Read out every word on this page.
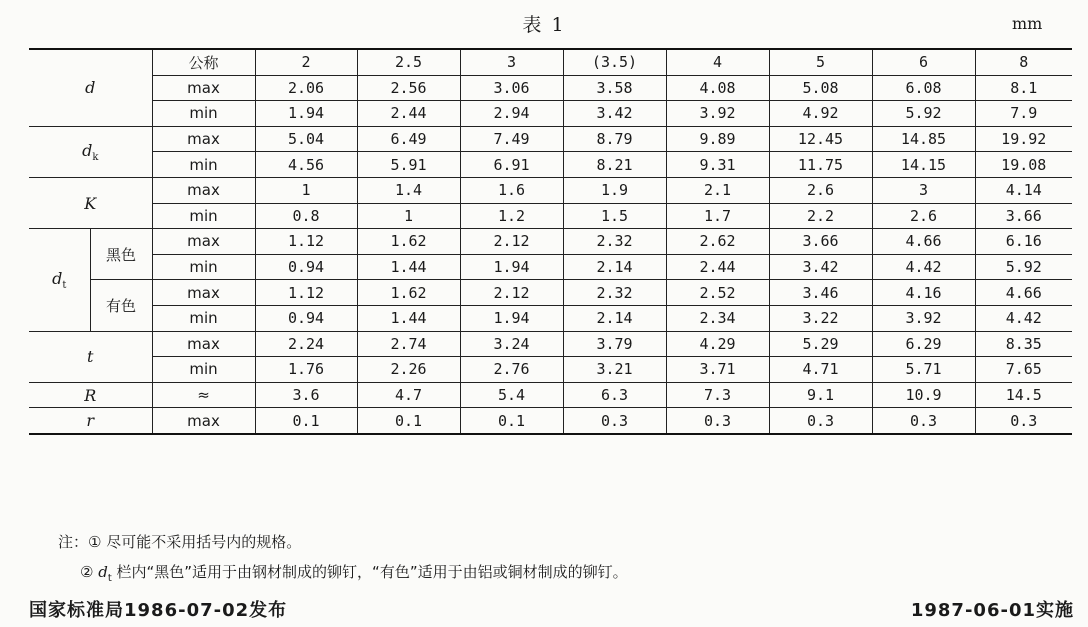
表 1	mm
d		公称	2	2.5	3	(3.5)	4	5	6	8
		max	2.06	2.56	3.06	3.58	4.08	5.08	6.08	8.1
		min	1.94	2.44	2.94	3.42	3.92	4.92	5.92	7.9
$d_k$		max	5.04	6.49	7.49	8.79	9.89	12.45	14.85	19.92
		min	4.56	5.91	6.91	8.21	9.31	11.75	14.15	19.08
K		max	1	1.4	1.6	1.9	2.1	2.6	3	4.14
		min	0.8	1	1.2	1.5	1.7	2.2	2.6	3.66
$d_t$	黑色	max	1.12	1.62	2.12	2.32	2.62	3.66	4.66	6.16
		min	0.94	1.44	1.94	2.14	2.44	3.42	4.42	5.92
	有色	max	1.12	1.62	2.12	2.32	2.52	3.46	4.16	4.66
		min	0.94	1.44	1.94	2.14	2.34	3.22	3.92	4.42
t		max	2.24	2.74	3.24	3.79	4.29	5.29	6.29	8.35
		min	1.76	2.26	2.76	3.21	3.71	4.71	5.71	7.65
R		≈	3.6	4.7	5.4	6.3	7.3	9.1	10.9	14.5
r		max	0.1	0.1	0.1	0.3	0.3	0.3	0.3	0.3
注：① 尽可能不采用括号内的规格。
② $d_t$ 栏内“黑色”适用于由钢材制成的铆钉，“有色”适用于由铝或铜材制成的铆钉。
国家标准局1986-07-02发布	1987-06-01实施
